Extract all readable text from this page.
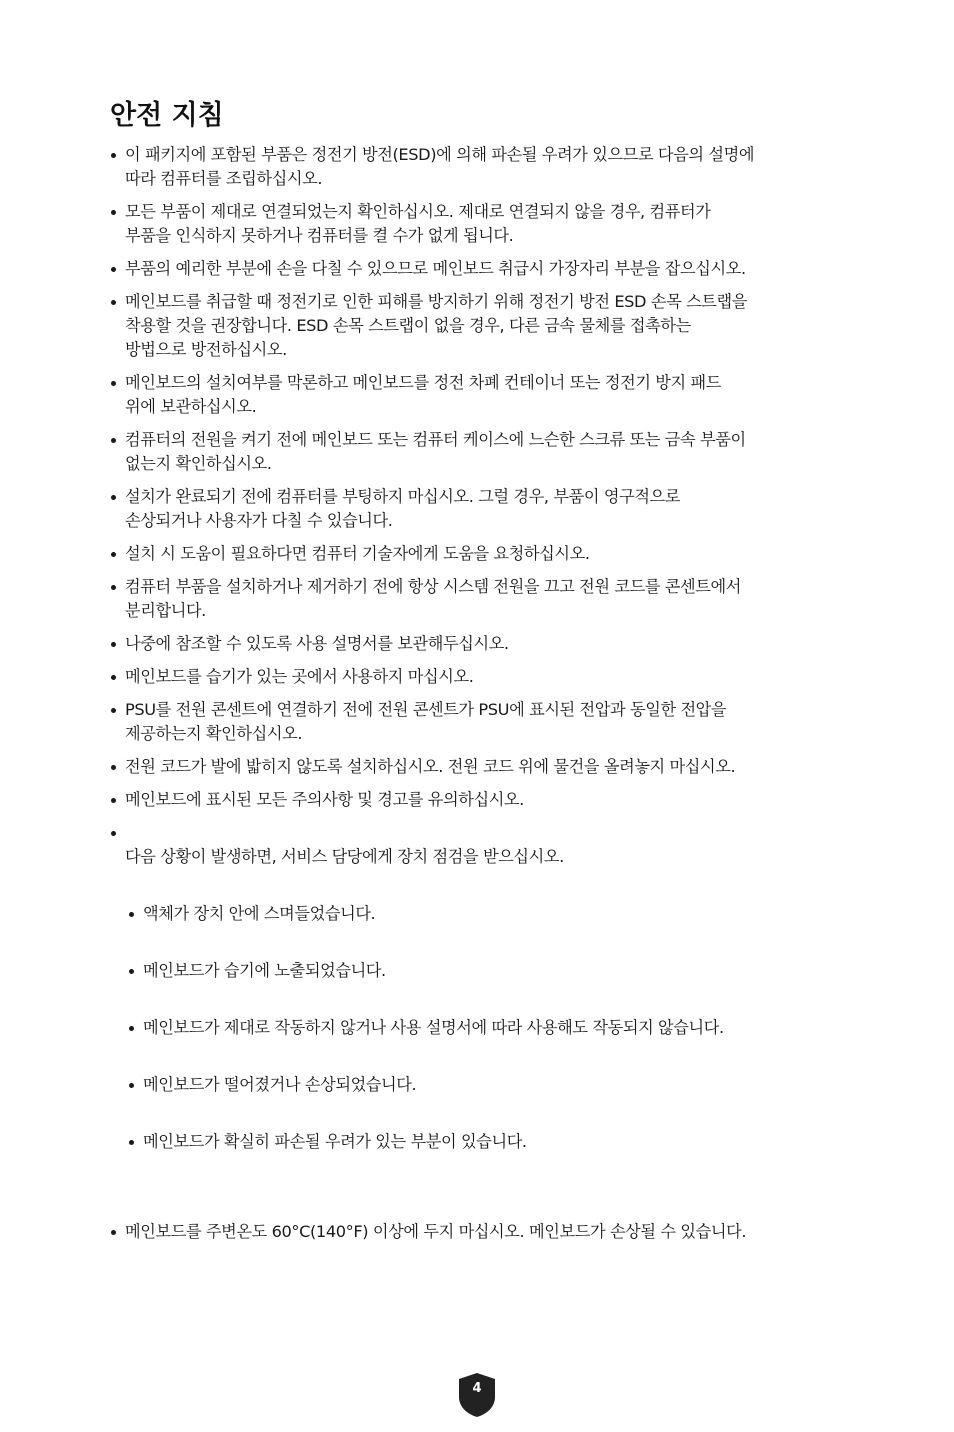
안전 지침
이 패키지에 포함된 부품은 정전기 방전(ESD)에 의해 파손될 우려가 있으므로 다음의 설명에
따라 컴퓨터를 조립하십시오.
모든 부품이 제대로 연결되었는지 확인하십시오. 제대로 연결되지 않을 경우, 컴퓨터가
부품을 인식하지 못하거나 컴퓨터를 켤 수가 없게 됩니다.
부품의 예리한 부분에 손을 다칠 수 있으므로 메인보드 취급시 가장자리 부분을 잡으십시오.
메인보드를 취급할 때 정전기로 인한 피해를 방지하기 위해 정전기 방전 ESD 손목 스트랩을
착용할 것을 권장합니다. ESD 손목 스트랩이 없을 경우, 다른 금속 물체를 접촉하는
방법으로 방전하십시오.
메인보드의 설치여부를 막론하고 메인보드를 정전 차폐 컨테이너 또는 정전기 방지 패드
위에 보관하십시오.
컴퓨터의 전원을 켜기 전에 메인보드 또는 컴퓨터 케이스에 느슨한 스크류 또는 금속 부품이
없는지 확인하십시오.
설치가 완료되기 전에 컴퓨터를 부팅하지 마십시오. 그럴 경우, 부품이 영구적으로
손상되거나 사용자가 다칠 수 있습니다.
설치 시 도움이 필요하다면 컴퓨터 기술자에게 도움을 요청하십시오.
컴퓨터 부품을 설치하거나 제거하기 전에 항상 시스템 전원을 끄고 전원 코드를 콘센트에서
분리합니다.
나중에 참조할 수 있도록 사용 설명서를 보관해두십시오.
메인보드를 습기가 있는 곳에서 사용하지 마십시오.
PSU를 전원 콘센트에 연결하기 전에 전원 콘센트가 PSU에 표시된 전압과 동일한 전압을
제공하는지 확인하십시오.
전원 코드가 발에 밟히지 않도록 설치하십시오. 전원 코드 위에 물건을 올려놓지 마십시오.
메인보드에 표시된 모든 주의사항 및 경고를 유의하십시오.

다음 상황이 발생하면, 서비스 담당에게 장치 점검을 받으십시오.

액체가 장치 안에 스며들었습니다.

메인보드가 습기에 노출되었습니다.

메인보드가 제대로 작동하지 않거나 사용 설명서에 따라 사용해도 작동되지 않습니다.

메인보드가 떨어졌거나 손상되었습니다.

메인보드가 확실히 파손될 우려가 있는 부분이 있습니다.

메인보드를 주변온도 60°C(140°F) 이상에 두지 마십시오. 메인보드가 손상될 수 있습니다.
4
